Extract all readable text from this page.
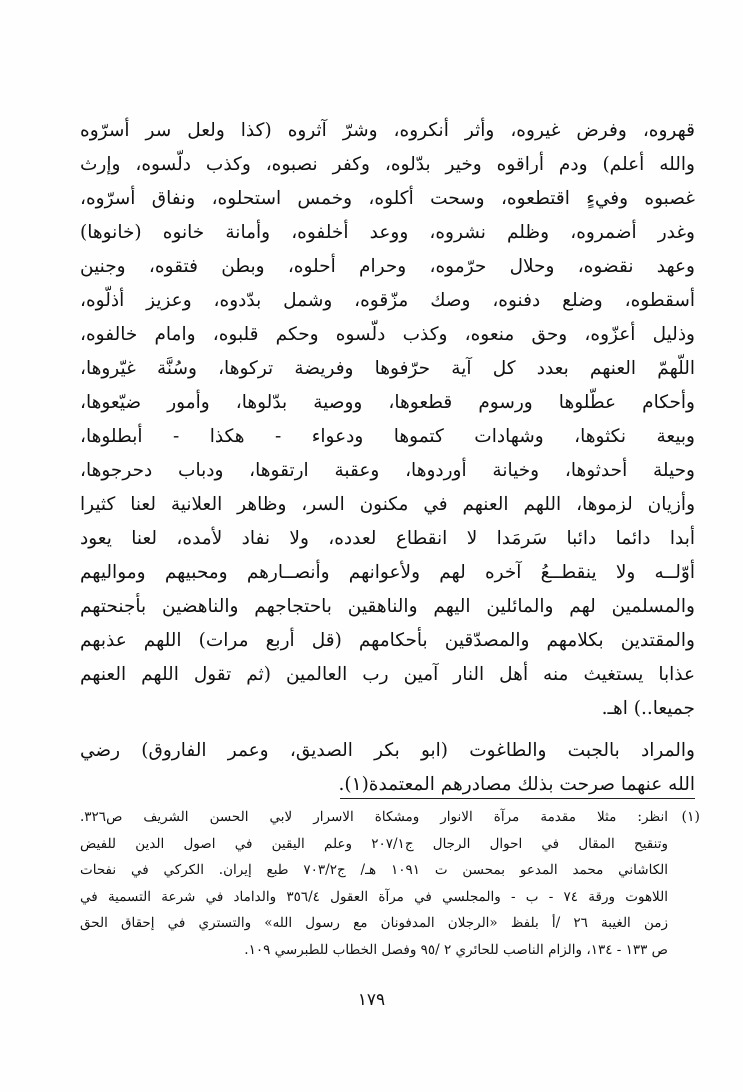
قهروه، وفرض غيروه، وأثر أنكروه، وشرّ آثروه (كذا ولعل سر أسرّوه
والله أعلم) ودم أراقوه وخير بدّلوه، وكفر نصبوه، وكذب دلّسوه، وإرث
غصبوه وفيءٍ اقتطعوه، وسحت أكلوه، وخمس استحلوه، ونفاق أسرّوه،
وغدر أضمروه، وظلم نشروه، ووعد أخلفوه، وأمانة خانوه (خانوها)
وعهد نقضوه، وحلال حرّموه، وحرام أحلوه، وبطن فتقوه، وجنين
أسقطوه، وضلع دفنوه، وصك مزّقوه، وشمل بدّدوه، وعزيز أذلّوه،
وذليل أعزّوه، وحق منعوه، وكذب دلّسوه وحكم قلبوه، وامام خالفوه،
اللّهمّ العنهم بعدد كل آية حرّفوها وفريضة تركوها، وسُنَّة غيّروها،
وأحكام عطّلوها ورسوم قطعوها، ووصية بدّلوها، وأمور ضيّعوها،
وبيعة نكثوها، وشهادات كتموها ودعواء - هكذا - أبطلوها،
وحيلة أحدثوها، وخيانة أوردوها، وعقبة ارتقوها، ودباب دحرجوها،
وأزيان لزموها، اللهم العنهم في مكنون السر، وظاهر العلانية لعنا كثيرا
أبدا دائما دائبا سَرمَدا لا انقطاع لعدده، ولا نفاد لأمده، لعنا يعود
أوّلــه ولا ينقطــعُ آخره لهم ولأعوانهم وأنصــارهم ومحبيهم ومواليهم
والمسلمين لهم والمائلين اليهم والناهقين باحتجاجهم والناهضين بأجنحتهم
والمقتدين بكلامهم والمصدّقين بأحكامهم (قل أربع مرات) اللهم عذبهم
عذابا يستغيث منه أهل النار آمين رب العالمين (ثم تقول اللهم العنهم
جميعا..) اهـ.
والمراد بالجبت والطاغوت (ابو بكر الصديق، وعمر الفاروق) رضي
الله عنهما صرحت بذلك مصادرهم المعتمدة(١).
(١)
انظر: مثلا مقدمة مرآة الانوار ومشكاة الاسرار لابي الحسن الشريف ص٣٢٦.
وتنقيح المقال في احوال الرجال ج٢٠٧/١ وعلم اليقين في اصول الدين للفيض
الكاشاني محمد المدعو بمحسن ت ١٠٩١ هـ/ ج٧٠٣/٢ طبع إيران. الكركي في نفحات
اللاهوت ورقة ٧٤ - ب - والمجلسي في مرآة العقول ٣٥٦/٤ والداماد في شرعة التسمية في
زمن الغيبة ٢٦ /أ بلفظ «الرجلان المدفونان مع رسول الله» والتستري في إحقاق الحق
ص ١٣٣ - ١٣٤، والزام الناصب للحائري ٢ /٩٥ وفصل الخطاب للطبرسي ١٠٩.
١٧٩
